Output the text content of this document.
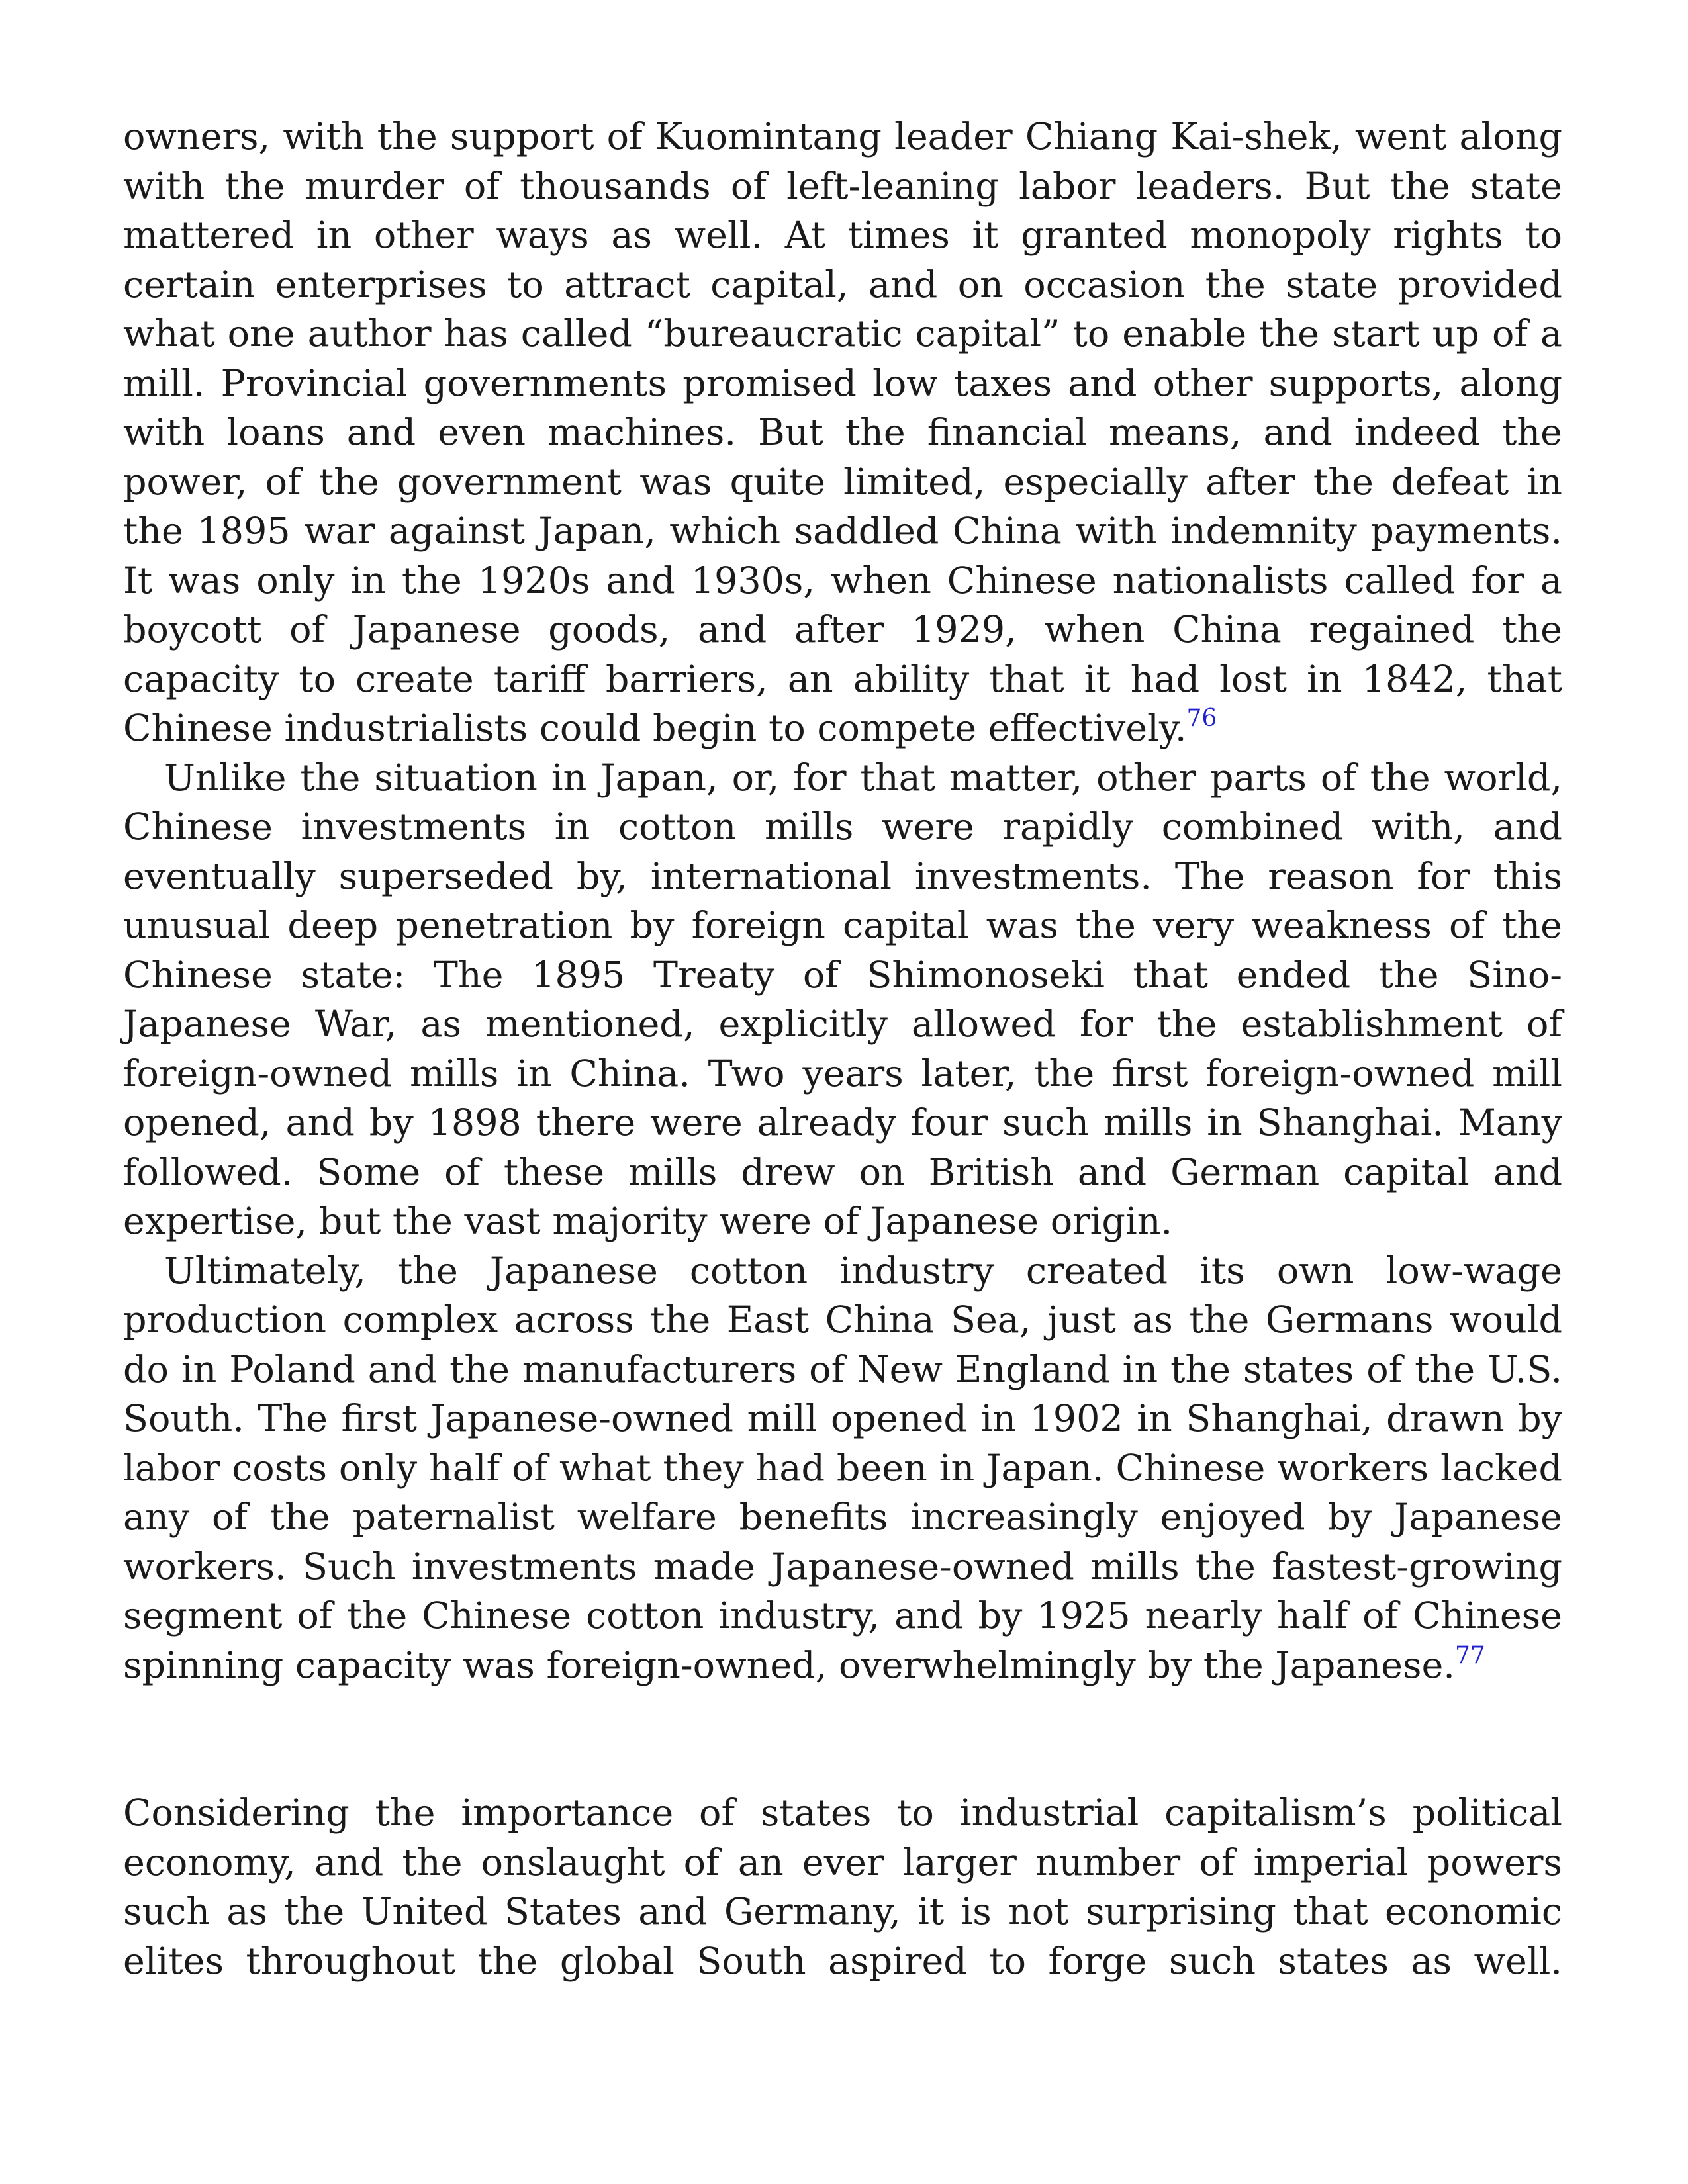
owners, with the support of Kuomintang leader Chiang Kai-shek, went along with the murder of thousands of left-leaning labor leaders. But the state mattered in other ways as well. At times it granted monopoly rights to certain enterprises to attract capital, and on occasion the state provided what one author has called “bureaucratic capital” to enable the start up of a mill. Provincial governments promised low taxes and other supports, along with loans and even machines. But the financial means, and indeed the power, of the government was quite limited, especially after the defeat in the 1895 war against Japan, which saddled China with indemnity payments. It was only in the 1920s and 1930s, when Chinese nationalists called for a boycott of Japanese goods, and after 1929, when China regained the capacity to create tariff barriers, an ability that it had lost in 1842, that Chinese industrialists could begin to compete effectively.$^{76}$

Unlike the situation in Japan, or, for that matter, other parts of the world, Chinese investments in cotton mills were rapidly combined with, and eventually superseded by, international investments. The reason for this unusual deep penetration by foreign capital was the very weakness of the Chinese state: The 1895 Treaty of Shimonoseki that ended the Sino-Japanese War, as mentioned, explicitly allowed for the establishment of foreign-owned mills in China. Two years later, the first foreign-owned mill opened, and by 1898 there were already four such mills in Shanghai. Many followed. Some of these mills drew on British and German capital and expertise, but the vast majority were of Japanese origin.

Ultimately, the Japanese cotton industry created its own low-wage production complex across the East China Sea, just as the Germans would do in Poland and the manufacturers of New England in the states of the U.S. South. The first Japanese-owned mill opened in 1902 in Shanghai, drawn by labor costs only half of what they had been in Japan. Chinese workers lacked any of the paternalist welfare benefits increasingly enjoyed by Japanese workers. Such investments made Japanese-owned mills the fastest-growing segment of the Chinese cotton industry, and by 1925 nearly half of Chinese spinning capacity was foreign-owned, overwhelmingly by the Japanese.$^{77}$

Considering the importance of states to industrial capitalism’s political economy, and the onslaught of an ever larger number of imperial powers such as the United States and Germany, it is not surprising that economic elites throughout the global South aspired to forge such states as well.
